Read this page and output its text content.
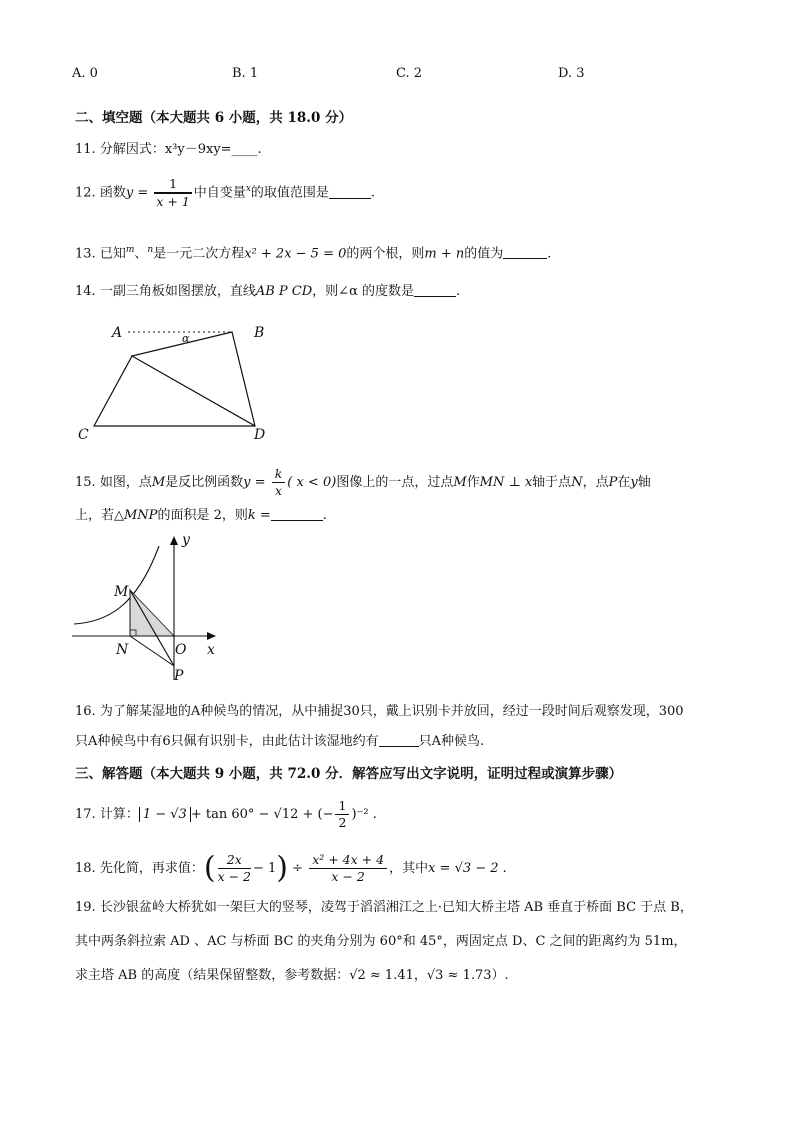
A. 0	B. 1	C. 2	D. 3
二、填空题（本大题共 6 小题，共 18.0 分）
11. 分解因式：x³y－9xy=____.
12. 函数$y = \frac{1}{x + 1}$ 中自变量$^x$的取值范围是	.
13. 已知$^m$、$^n$是一元二次方程x² + 2x − 5 = 0的两个根，则m + n的值为	.
14. 一副三角板如图摆放，直线AB P CD，则∠α 的度数是	.
A	B
C	D
α
15. 如图，点M是反比例函数$y = \frac{k}{x}$ ( x < 0)图像上的一点，过点M作MN ⊥ x轴于点N，点P在y轴
上，若△MNP的面积是 2，则k =	.
M
N	O
P
x
y
16. 为了解某湿地的A种候鸟的情况，从中捕捉30只，戴上识别卡并放回，经过一段时间后观察发现，300
只A种候鸟中有6只佩有识别卡，由此估计该湿地约有	只A种候鸟.
三、解答题（本大题共 9 小题，共 72.0 分．解答应写出文字说明，证明过程或演算步骤）
17. 计算： 1 − √3 + tan 60° − √12 + (− $\frac{1}{2} )^{-2}$ .
18. 先化简，再求值：( $\frac{2x}{x - 2} - 1) \div \frac{\text{x² + 4x + 4}}{x - 2}$ ，其中x = √3 − 2 .
19. 长沙银盆岭大桥犹如一架巨大的竖琴，凌驾于滔滔湘江之上·已知大桥主塔 AB 垂直于桥面 BC 于点 B，
其中两条斜拉索 AD 、AC 与桥面 BC 的夹角分别为 60°和 45°，两固定点 D、C 之间的距离约为 51m，
求主塔 AB 的高度（结果保留整数，参考数据：√2 ≈ 1.41，√3 ≈ 1.73）.
